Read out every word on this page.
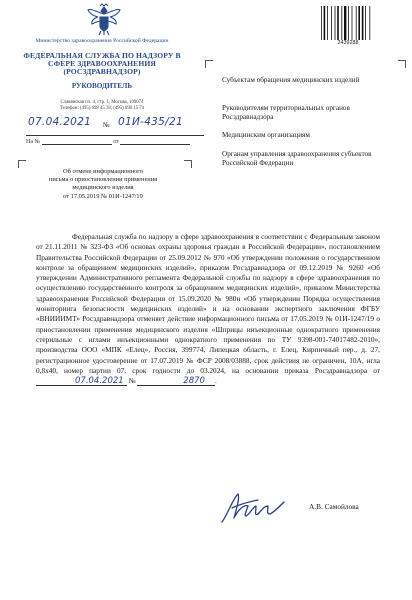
Министерство здравоохранения Российской Федерации
ФЕДЕРАЛЬНАЯ СЛУЖБА ПО НАДЗОРУ В СФЕРЕ ЗДРАВООХРАНЕНИЯ (РОСЗДРАВНАДЗОР)
РУКОВОДИТЕЛЬ
Славянская пл. 4, стр. 1, Москва, 109074
Телефон: (495) 698 45 38; (495) 698 15 74
07.04.2021	01И-435/21
№
На №	от
Об отмене информационного
письма о приостановлении применения
медицинского изделия
от 17.05.2019 № 01И-1247/19
2439288
Субъектам обращения медицинских изделий
Руководителям территориальных органов Росздравнадзора
Медицинским организациям
Органам управления здравоохранения субъектов Российской Федерации

Федеральная служба по надзору в сфере здравоохранения в соответствии с Федеральным законом от 21.11.2011 № 323-ФЗ «Об основах охраны здоровья граждан в Российской Федерации», постановлением Правительства Российской Федерации от 25.09.2012 № 970 «Об утверждении положения о государственном контроле за обращением медицинских изделий», приказом Росздравнадзора от 09.12.2019 № 9260 «Об утверждении Административного регламента Федеральной службы по надзору в сфере здравоохранения по осуществлению государственного контроля за обращением медицинских изделий», приказом Министерства здравоохранения Российской Федерации от 15.09.2020 № 980н «Об утверждении Порядка осуществления мониторинга безопасности медицинских изделий» и на основании экспертного заключения ФГБУ «ВНИИИМТ» Росздравнадзора отменяет действие информационного письма от 17.05.2019 № 01И-1247/19 о приостановлении применения медицинского изделия «Шприцы инъекционные однократного применения стерильные с иглами инъекционными однократного применения по ТУ 9398-001-74017482-2010», производства ООО «МПК «Елец», Россия, 399774, Липецкая область, г. Елец, Кирпичный пер., д. 27, регистрационное удостоверение от 17.07.2019 № ФСР 2008/03888, срок действия не ограничен, 10А, игла 0,8х40, номер партии 07, срок годности до 03.2024, на основании приказа Росздравнадзора от 07.04.2021 №	2870 .

А.В. Самойлова
